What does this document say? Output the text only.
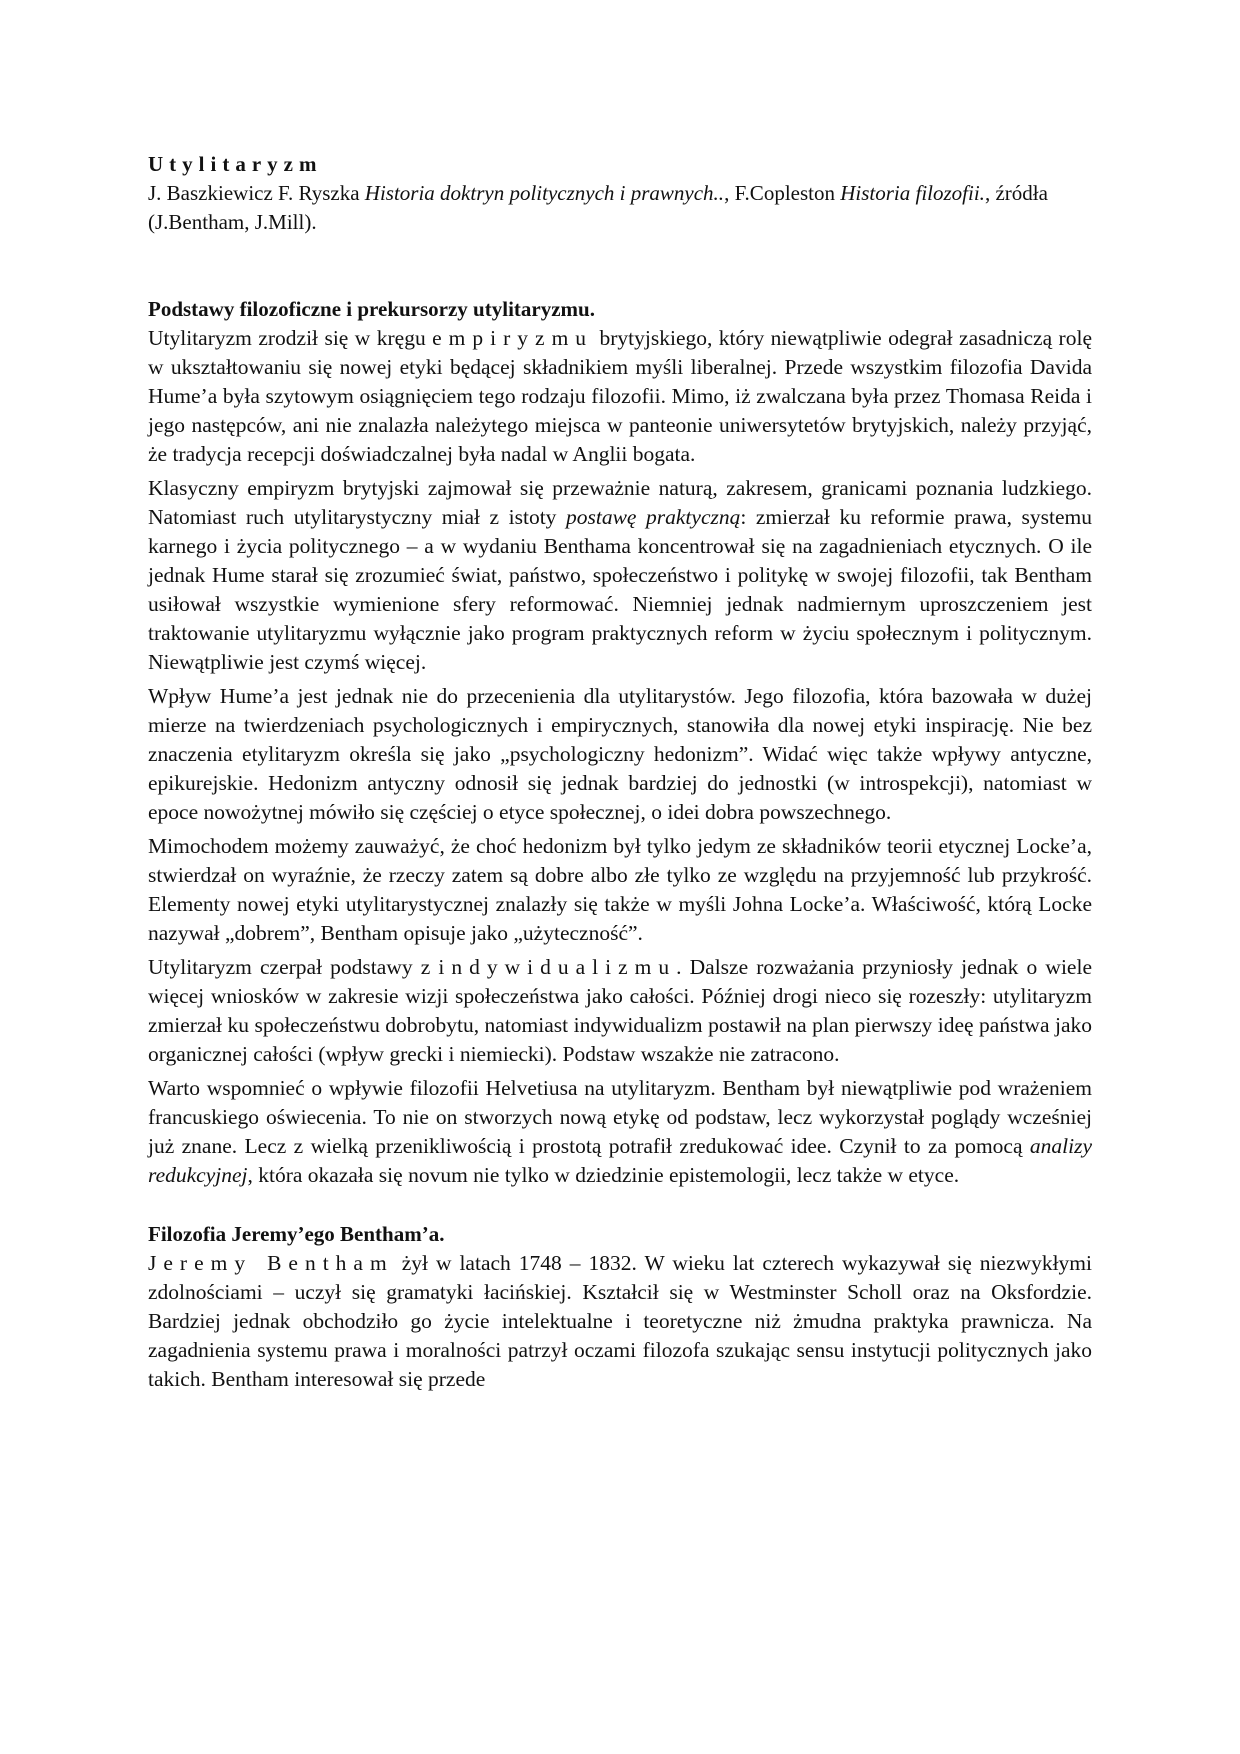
Utylitaryzm

J. Baszkiewicz F. Ryszka Historia doktryn politycznych i prawnych.., F.Copleston Historia filozofii., źródła (J.Bentham, J.Mill).

Podstawy filozoficzne i prekursorzy utylitaryzmu.

Utylitaryzm zrodził się w kręgu empiryzmu brytyjskiego, który niewątpliwie odegrał zasadniczą rolę w ukształtowaniu się nowej etyki będącej składnikiem myśli liberalnej. Przede wszystkim filozofia Davida Hume’a była szytowym osiągnięciem tego rodzaju filozofii. Mimo, iż zwalczana była przez Thomasa Reida i jego następców, ani nie znalazła należytego miejsca w panteonie uniwersytetów brytyjskich, należy przyjąć, że tradycja recepcji doświadczalnej była nadal w Anglii bogata.

Klasyczny empiryzm brytyjski zajmował się przeważnie naturą, zakresem, granicami poznania ludzkiego. Natomiast ruch utylitarystyczny miał z istoty postawę praktyczną: zmierzał ku reformie prawa, systemu karnego i życia politycznego – a w wydaniu Benthama koncentrował się na zagadnieniach etycznych. O ile jednak Hume starał się zrozumieć świat, państwo, społeczeństwo i politykę w swojej filozofii, tak Bentham usiłował wszystkie wymienione sfery reformować. Niemniej jednak nadmiernym uproszczeniem jest traktowanie utylitaryzmu wyłącznie jako program praktycznych reform w życiu społecznym i politycznym. Niewątpliwie jest czymś więcej.

Wpływ Hume’a jest jednak nie do przecenienia dla utylitarystów. Jego filozofia, która bazowała w dużej mierze na twierdzeniach psychologicznych i empirycznych, stanowiła dla nowej etyki inspirację. Nie bez znaczenia etylitaryzm określa się jako „psychologiczny hedonizm”. Widać więc także wpływy antyczne, epikurejskie. Hedonizm antyczny odnosił się jednak bardziej do jednostki (w introspekcji), natomiast w epoce nowożytnej mówiło się częściej o etyce społecznej, o idei dobra powszechnego.

Mimochodem możemy zauważyć, że choć hedonizm był tylko jedym ze składników teorii etycznej Locke’a, stwierdzał on wyraźnie, że rzeczy zatem są dobre albo złe tylko ze względu na przyjemność lub przykrość. Elementy nowej etyki utylitarystycznej znalazły się także w myśli Johna Locke’a. Właściwość, którą Locke nazywał „dobrem”, Bentham opisuje jako „użyteczność”.

Utylitaryzm czerpał podstawy z indywidualizmu. Dalsze rozważania przyniosły jednak o wiele więcej wniosków w zakresie wizji społeczeństwa jako całości. Później drogi nieco się rozeszły: utylitaryzm zmierzał ku społeczeństwu dobrobytu, natomiast indywidualizm postawił na plan pierwszy ideę państwa jako organicznej całości (wpływ grecki i niemiecki). Podstaw wszakże nie zatracono.

Warto wspomnieć o wpływie filozofii Helvetiusa na utylitaryzm. Bentham był niewątpliwie pod wrażeniem francuskiego oświecenia. To nie on stworzych nową etykę od podstaw, lecz wykorzystał poglądy wcześniej już znane. Lecz z wielką przenikliwością i prostotą potrafił zredukować idee. Czynił to za pomocą analizy redukcyjnej, która okazała się novum nie tylko w dziedzinie epistemologii, lecz także w etyce.

Filozofia Jeremy’ego Bentham’a.

Jeremy Bentham żył w latach 1748 – 1832. W wieku lat czterech wykazywał się niezwykłymi zdolnościami – uczył się gramatyki łacińskiej. Kształcił się w Westminster Scholl oraz na Oksfordzie. Bardziej jednak obchodziło go życie intelektualne i teoretyczne niż żmudna praktyka prawnicza. Na zagadnienia systemu prawa i moralności patrzył oczami filozofa szukając sensu instytucji politycznych jako takich. Bentham interesował się przede
